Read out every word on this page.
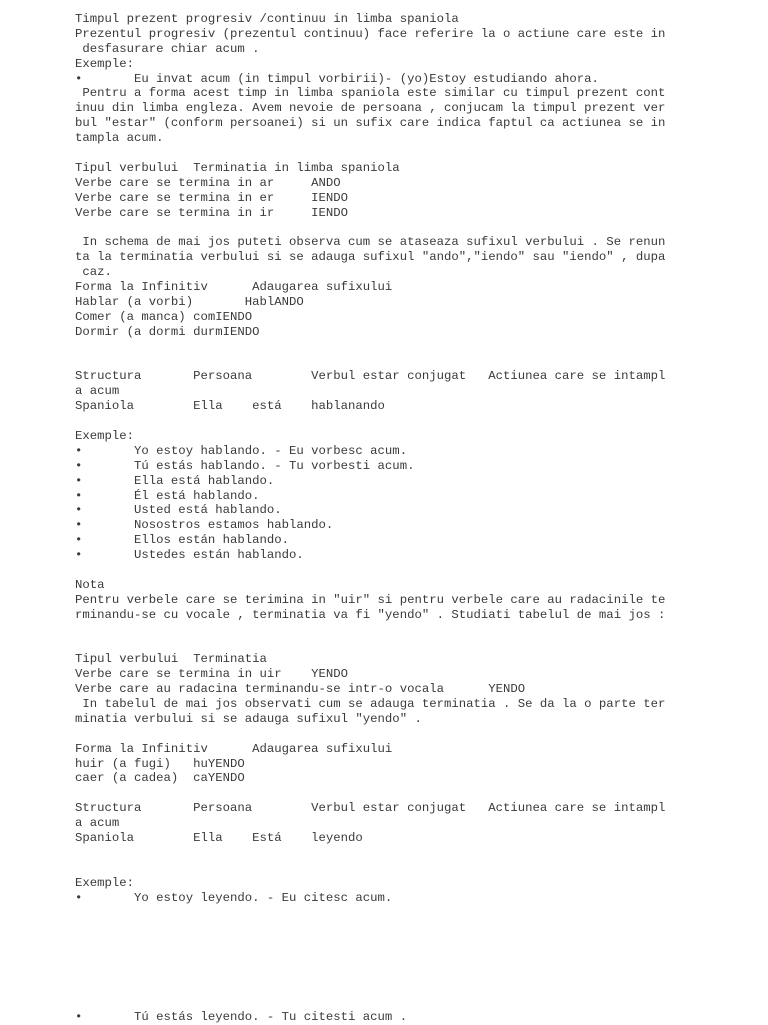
Timpul prezent progresiv /continuu in limba spaniola
Prezentul progresiv (prezentul continuu) face referire la o actiune care este in
desfasurare chiar acum .
Exemple:
•       Eu invat acum (in timpul vorbirii)- (yo)Estoy estudiando ahora.
Pentru a forma acest timp in limba spaniola este similar cu timpul prezent cont
inuu din limba engleza. Avem nevoie de persoana , conjucam la timpul prezent ver
bul "estar" (conform persoanei) si un sufix care indica faptul ca actiunea se in
tampla acum.
Tipul verbului  Terminatia in limba spaniola
Verbe care se termina in ar     ANDO
Verbe care se termina in er     IENDO
Verbe care se termina in ir     IENDO
In schema de mai jos puteti observa cum se ataseaza sufixul verbului . Se renun
ta la terminatia verbului si se adauga sufixul "ando","iendo" sau "iendo" , dupa
caz.
Forma la Infinitiv      Adaugarea sufixului
Hablar (a vorbi)       HablANDO
Comer (a manca) comIENDO
Dormir (a dormi durmIENDO
Structura       Persoana        Verbul estar conjugat   Actiunea care se intampl
a acum
Spaniola        Ella    está    hablanando
Exemple:
•       Yo estoy hablando. - Eu vorbesc acum.
•       Tú estás hablando. - Tu vorbesti acum.
•       Ella está hablando.
•       Él está hablando.
•       Usted está hablando.
•       Nosostros estamos hablando.
•       Ellos están hablando.
•       Ustedes están hablando.
Nota
Pentru verbele care se terimina in "uir" si pentru verbele care au radacinile te
rminandu-se cu vocale , terminatia va fi "yendo" . Studiati tabelul de mai jos :
Tipul verbului  Terminatia
Verbe care se termina in uir    YENDO
Verbe care au radacina terminandu-se intr-o vocala      YENDO
In tabelul de mai jos observati cum se adauga terminatia . Se da la o parte ter
minatia verbului si se adauga sufixul "yendo" .
Forma la Infinitiv      Adaugarea sufixului
huir (a fugi)   huYENDO
caer (a cadea)  caYENDO
Structura       Persoana        Verbul estar conjugat   Actiunea care se intampl
a acum
Spaniola        Ella    Está    leyendo
Exemple:
•       Yo estoy leyendo. - Eu citesc acum.
•       Tú estás leyendo. - Tu citesti acum .
